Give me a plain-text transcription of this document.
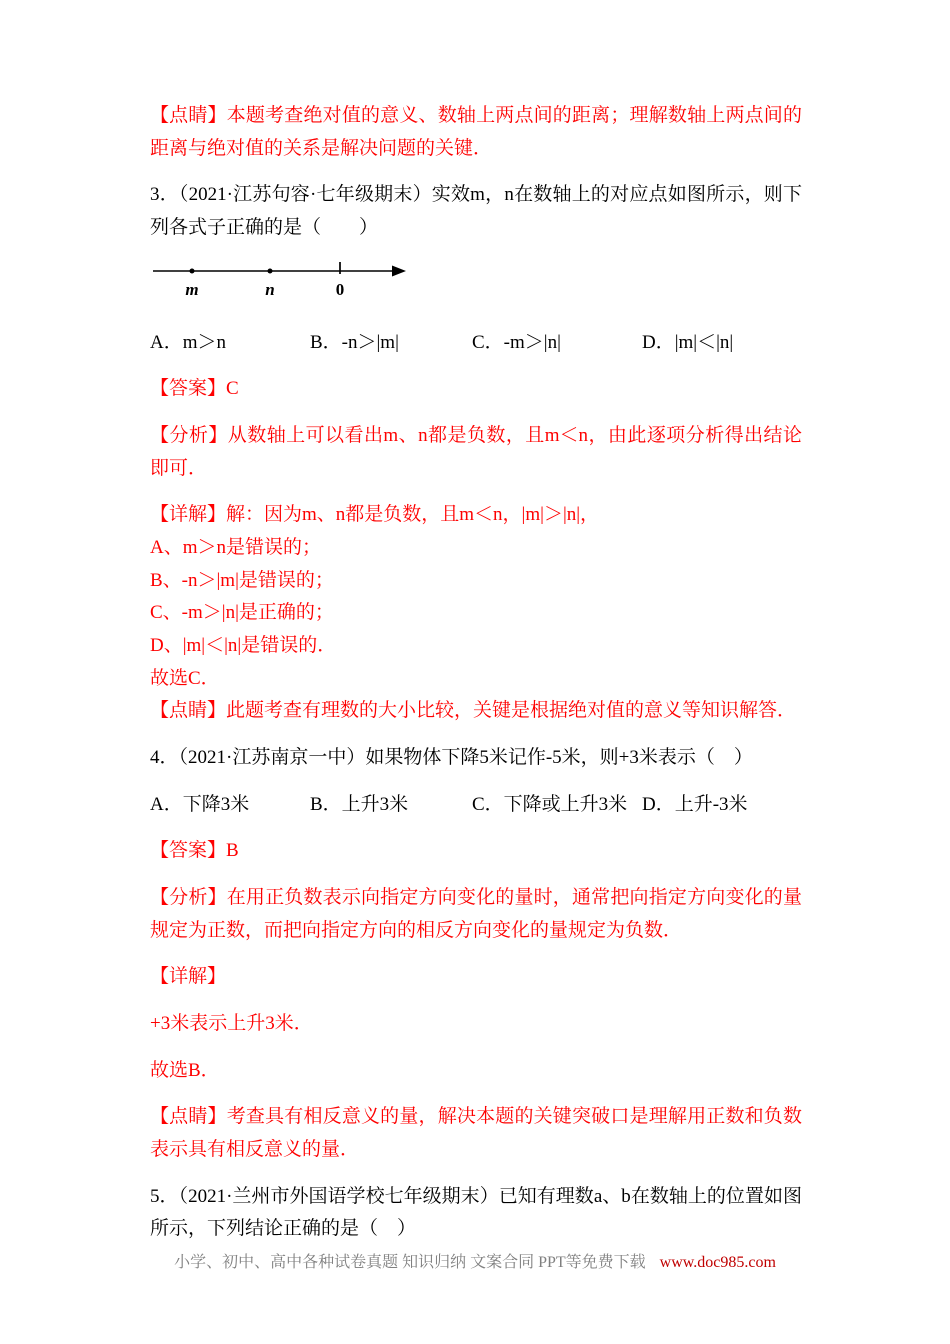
【点睛】本题考查绝对值的意义、数轴上两点间的距离；理解数轴上两点间的距离与绝对值的关系是解决问题的关键．

3．（2021·江苏句容·七年级期末）实效m，n在数轴上的对应点如图所示，则下列各式子正确的是（　　）

m	n	0
A．m＞n	B．-n＞|m|	C．-m＞|n|	D．|m|＜|n|

【答案】C

【分析】从数轴上可以看出m、n都是负数，且m＜n，由此逐项分析得出结论即可．

【详解】解：因为m、n都是负数，且m＜n，|m|＞|n|，

A、m＞n是错误的；

B、-n＞|m|是错误的；

C、-m＞|n|是正确的；

D、|m|＜|n|是错误的．

故选C．

【点睛】此题考查有理数的大小比较，关键是根据绝对值的意义等知识解答．

4．（2021·江苏南京一中）如果物体下降5米记作-5米，则+3米表示（　）

A．下降3米	B．上升3米	C．下降或上升3米 D．上升-3米

【答案】B

【分析】在用正负数表示向指定方向变化的量时，通常把向指定方向变化的量规定为正数，而把向指定方向的相反方向变化的量规定为负数．

【详解】

+3米表示上升3米．

故选B．

【点睛】考查具有相反意义的量，解决本题的关键突破口是理解用正数和负数表示具有相反意义的量．

5．（2021·兰州市外国语学校七年级期末）已知有理数a、b在数轴上的位置如图所示，下列结论正确的是（　）

小学、初中、高中各种试卷真题 知识归纳 文案合同 PPT等免费下载 www.doc985.com
